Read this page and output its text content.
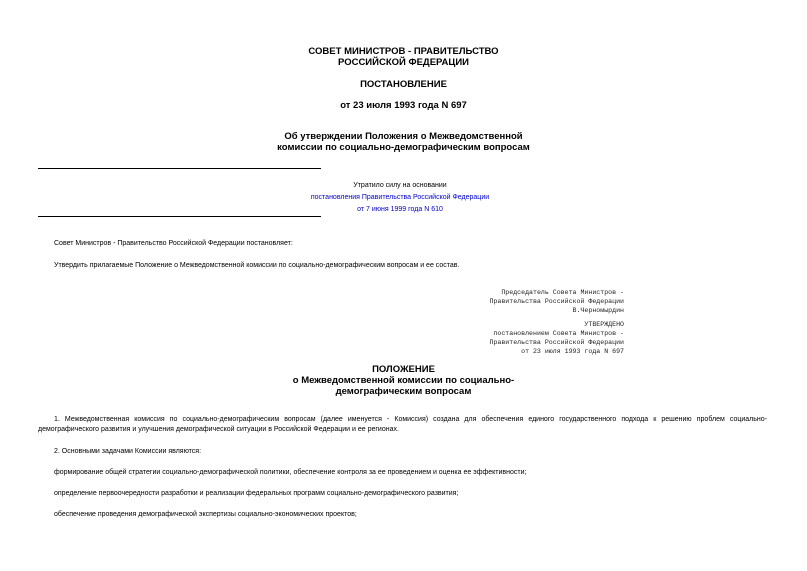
СОВЕТ МИНИСТРОВ - ПРАВИТЕЛЬСТВО
РОССИЙСКОЙ ФЕДЕРАЦИИ
ПОСТАНОВЛЕНИЕ
от 23 июля 1993 года N 697
Об утверждении Положения о Межведомственной
комиссии по социально-демографическим вопросам
Утратило силу на основании
постановления Правительства Российской Федерации
от 7 июня 1999 года N 610
Совет Министров - Правительство Российской Федерации постановляет:
Утвердить прилагаемые Положение о Межведомственной комиссии по социально-демографическим вопросам и ее состав.
Председатель Совета Министров -
Правительства Российской Федерации
В.Черномырдин
УТВЕРЖДЕНО
постановлением Совета Министров -
Правительства Российской Федерации
от 23 июля 1993 года N 697
ПОЛОЖЕНИЕ
о Межведомственной комиссии по социально-
демографическим вопросам
1. Межведомственная комиссия по социально-демографическим вопросам (далее именуется - Комиссия) создана для обеспечения единого государственного подхода к решению проблем социально-демографического развития и улучшения демографической ситуации в Российской Федерации и ее регионах.
2. Основными задачами Комиссии являются:
формирование общей стратегии социально-демографической политики, обеспечение контроля за ее проведением и оценка ее эффективности;
определение первоочередности разработки и реализации федеральных программ социально-демографического развития;
обеспечение проведения демографической экспертизы социально-экономических проектов;
